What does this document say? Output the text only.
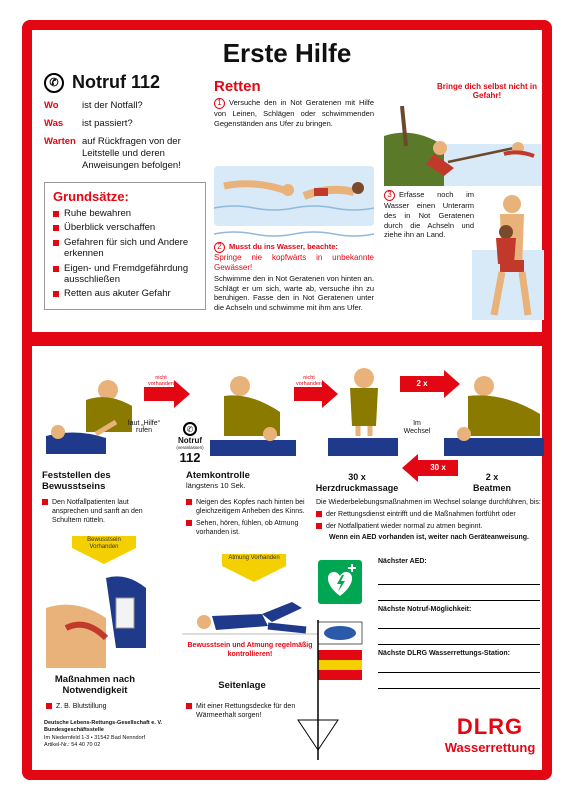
Erste Hilfe
✆ Notruf 112
Wo	ist der Notfall?
Was	ist passiert?
Warten auf Rückfragen von der Leitstelle und deren Anweisungen befolgen!
Grundsätze:
Ruhe bewahren
Überblick verschaffen
Gefahren für sich und Andere erkennen
Eigen- und Fremdgefährdung ausschließen
Retten aus akuter Gefahr
Retten
1 Versuche den in Not Geratenen mit Hilfe von Leinen, Schlägen oder schwimmenden Gegenständen ans Ufer zu bringen.
Bringe dich selbst nicht in Gefahr!
2 Musst du ins Wasser, beachte:
Springe nie kopfwärts in unbekannte Gewässer!
Schwimme den in Not Geratenen von hinten an. Schlägt er um sich, warte ab, versuche ihn zu beruhigen. Fasse den in Not Geratenen unter die Achseln und schwimme mit ihm ans Ufer.
3 Erfasse noch im Wasser einen Unterarm des in Not Geratenen durch die Achseln und ziehe ihn an Land.
nicht vorhanden
laut „Hilfe“ rufen	✆
Notruf
(veranlassen)
112
nicht vorhanden
Im
Wechsel
2 x
30 x
Feststellen des Bewusstseins
Atemkontrolle
längstens 10 Sek.
30 x
Herzdruckmassage
2 x
Beatmen
Den Notfallpatienten laut ansprechen und sanft an den Schultern rütteln.
Neigen des Kopfes nach hinten bei gleichzeitigem Anheben des Kinns.
Sehen, hören, fühlen, ob Atmung vorhanden ist.
Die Wiederbelebungsmaßnahmen im Wechsel solange durchführen, bis:
der Rettungsdienst eintrifft und die Maßnahmen fortführt oder
der Notfallpatient wieder normal zu atmen beginnt.
Wenn ein AED vorhanden ist, weiter nach Geräteanweisung.
Bewusstsein Vorhanden
Atmung Vorhanden
Bewusstsein und Atmung regelmäßig kontrollieren!
Maßnahmen nach Notwendigkeit
Z. B. Blutstillung
Seitenlage
Mit einer Rettungsdecke für den Wärmeerhalt sorgen!
Nächster AED:
Nächste Notruf-Möglichkeit:
Nächste DLRG Wasserrettungs-Station:
Deutsche Lebens-Rettungs-Gesellschaft e. V.
Bundesgeschäftsstelle
Im Niedernfeld 1-3 • 31542 Bad Nenndorf
Artikel-Nr.: 54 40 70 02
DLRG
Wasserrettung
